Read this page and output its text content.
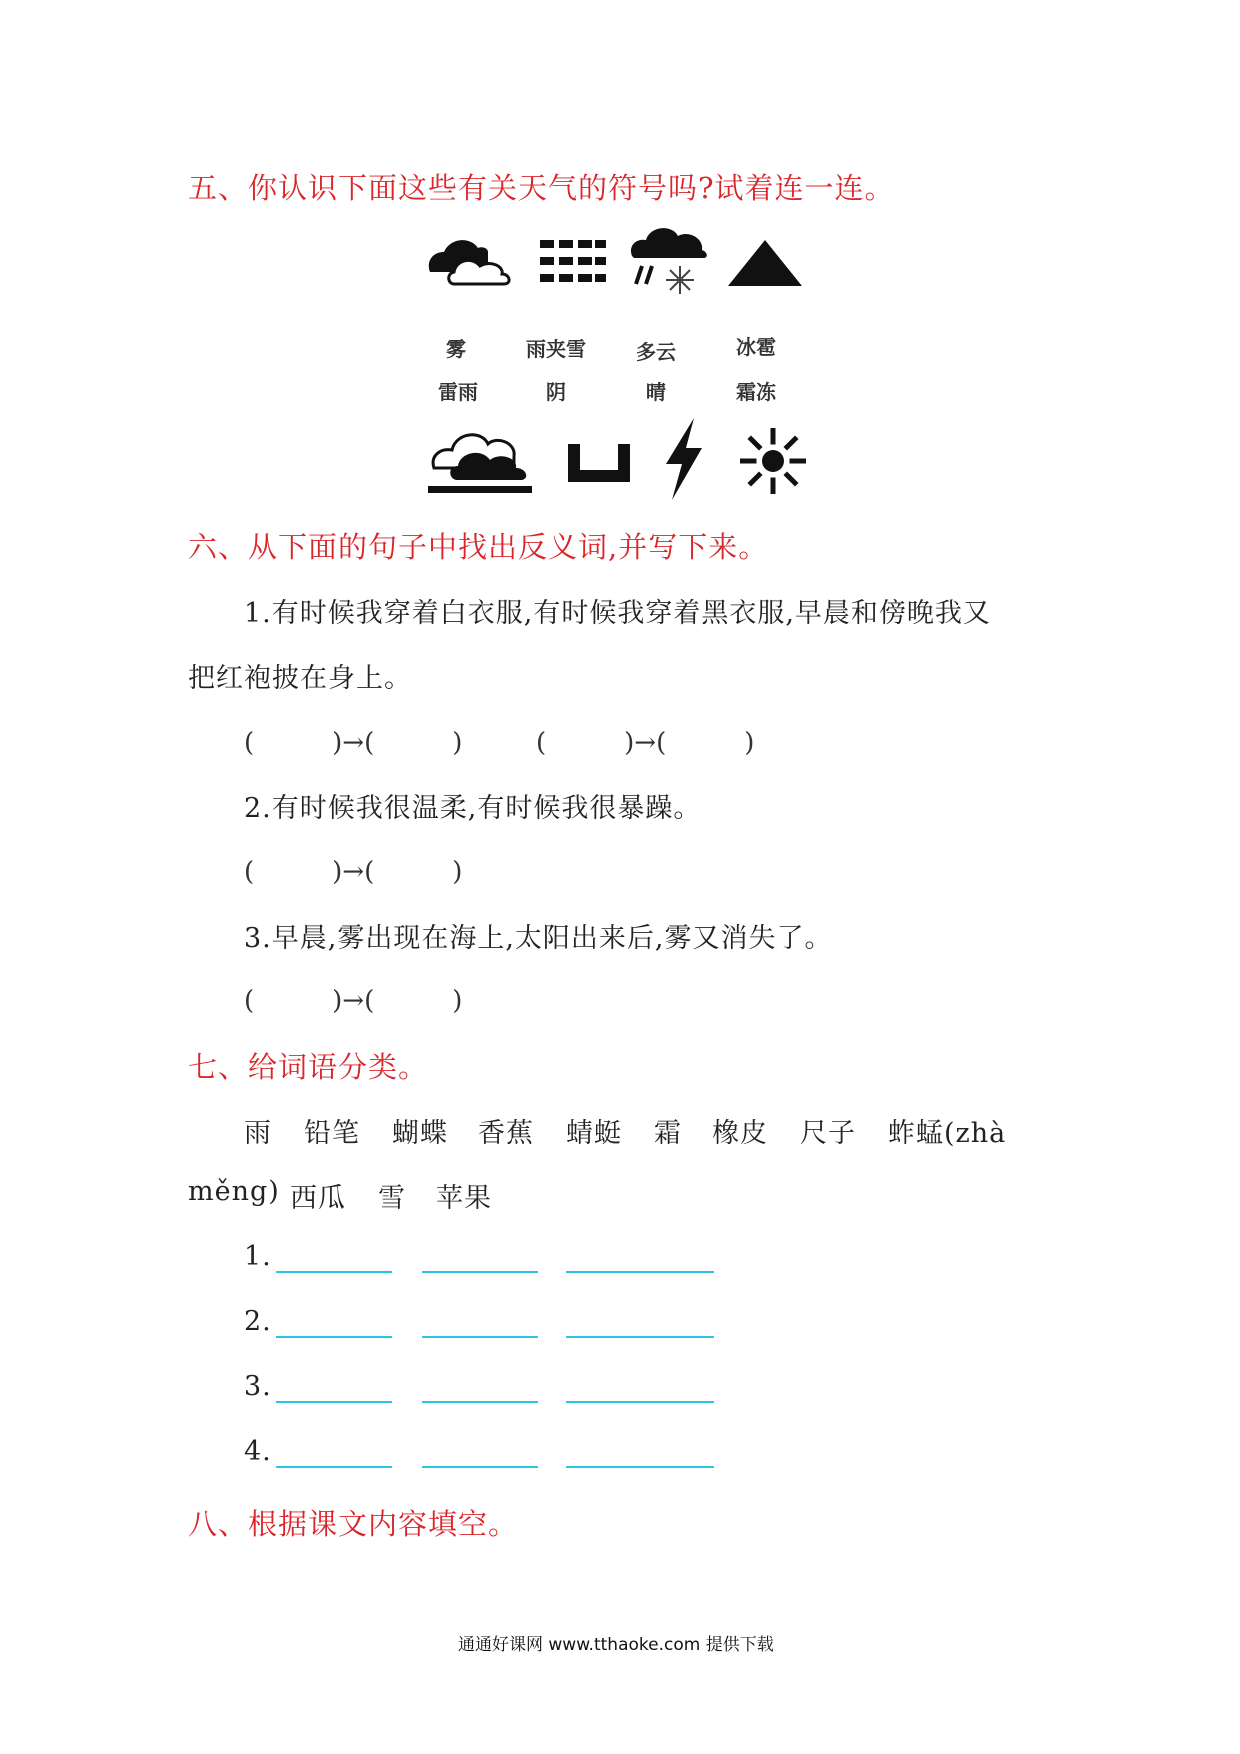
五、你认识下面这些有关天气的符号吗?试着连一连。
雾	雨夹雪	多云	冰雹
雷雨	阴	晴	霜冻
六、从下面的句子中找出反义词,并写下来。
1.有时候我穿着白衣服,有时候我穿着黑衣服,早晨和傍晚我又
把红袍披在身上。
(　　　)→(　　　)	(　　　)→(　　　)
2.有时候我很温柔,有时候我很暴躁。
(　　　)→(　　　)
3.早晨,雾出现在海上,太阳出来后,雾又消失了。
(　　　)→(　　　)
七、给词语分类。
雨 铅笔 蝴蝶 香蕉 蜻蜓 霜 橡皮 尺子 蚱蜢(zhà
měng) 西瓜 雪 苹果
1.
2.
3.
4.
八、根据课文内容填空。
通通好课网 www.tthaoke.com 提供下载
